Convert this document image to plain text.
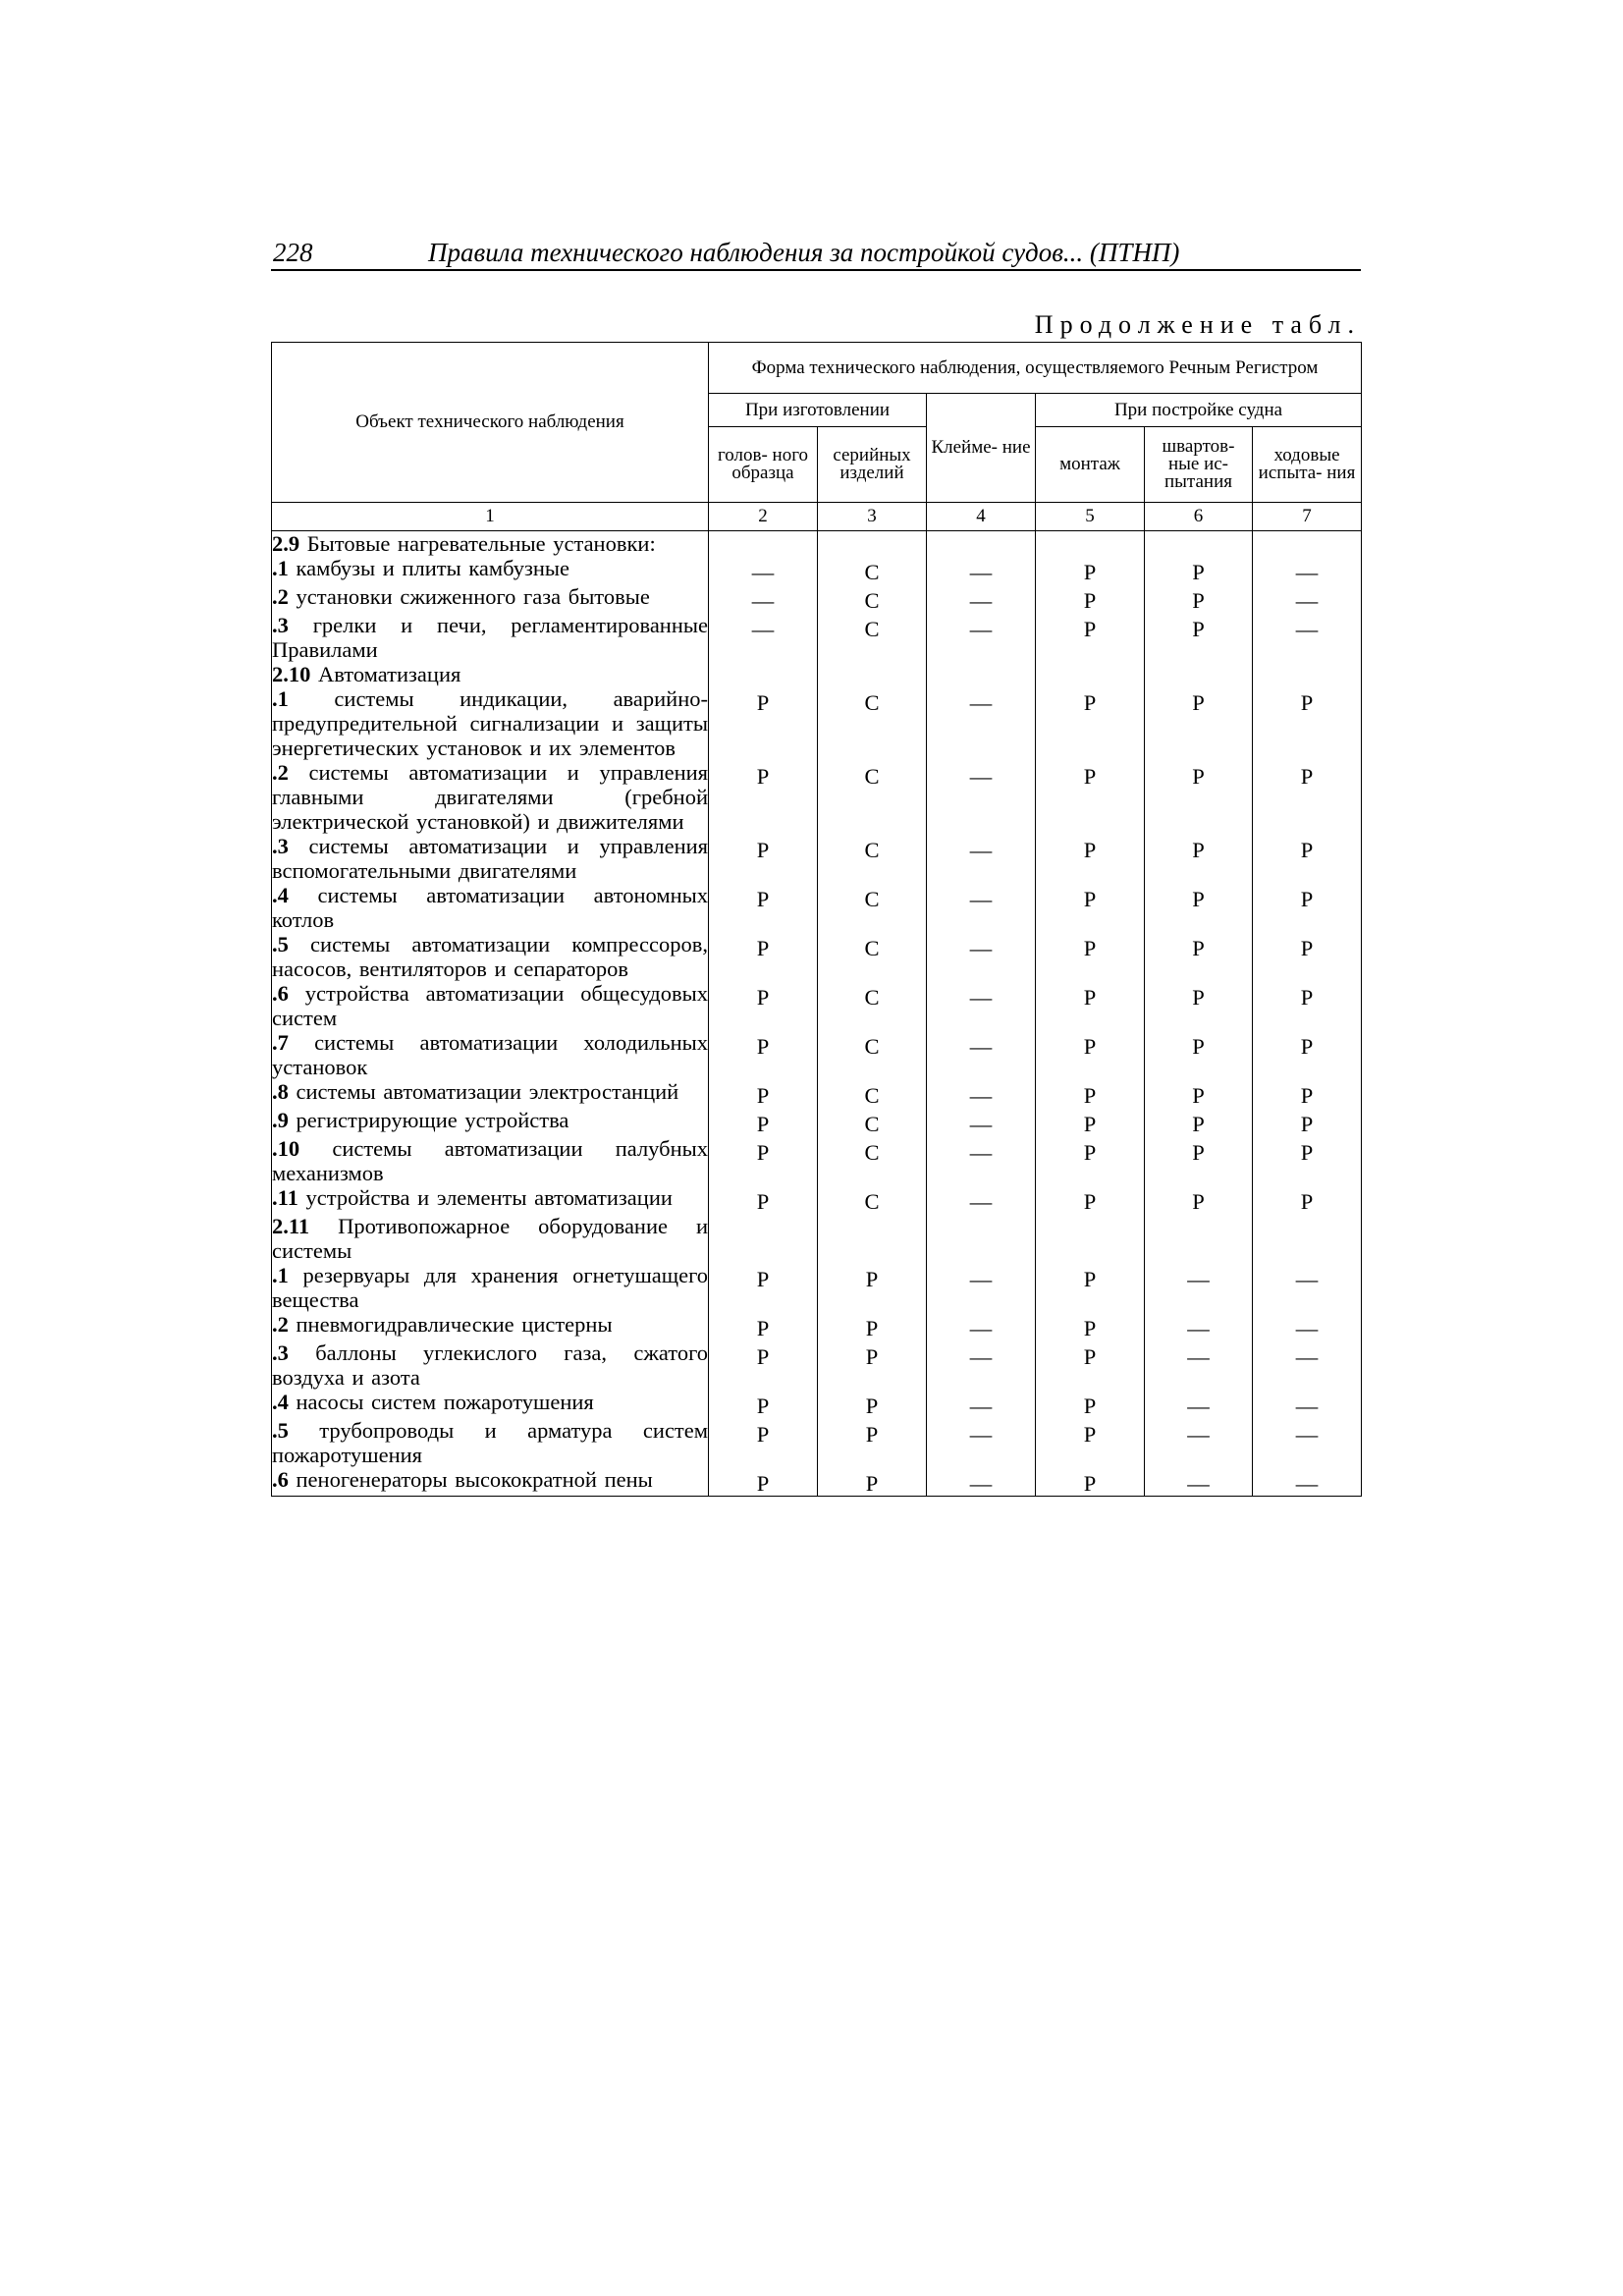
228	Правила технического наблюдения за постройкой судов... (ПТНП)
Продолжение табл.
Объект технического наблюдения	Форма технического наблюдения, осуществляемого Речным Регистром					
	При изготовлении		Клейме- ние	При постройке судна		
	голов- ного образца	серийных изделий		монтаж	швартов- ные ис- пытания	ходовые испыта- ния
1	2	3	4	5	6	7
2.9 Бытовые нагревательные установки:						
.1 камбузы и плиты камбузные	—	С	—	Р	Р	—
.2 установки сжиженного газа бытовые	—	С	—	Р	Р	—
.3 грелки и печи, регламентированные Правилами	—	С	—	Р	Р	—
2.10 Автоматизация						
.1 системы индикации, аварийно-предупредительной сигнализации и защиты энергетических установок и их элементов	Р	С	—	Р	Р	Р
.2 системы автоматизации и управления главными двигателями (гребной электрической установкой) и движителями	Р	С	—	Р	Р	Р
.3 системы автоматизации и управления вспомогательными двигателями	Р	С	—	Р	Р	Р
.4 системы автоматизации автономных котлов	Р	С	—	Р	Р	Р
.5 системы автоматизации компрессоров, насосов, вентиляторов и сепараторов	Р	С	—	Р	Р	Р
.6 устройства автоматизации общесудовых систем	Р	С	—	Р	Р	Р
.7 системы автоматизации холодильных установок	Р	С	—	Р	Р	Р
.8 системы автоматизации электростанций	Р	С	—	Р	Р	Р
.9 регистрирующие устройства	Р	С	—	Р	Р	Р
.10 системы автоматизации палубных механизмов	Р	С	—	Р	Р	Р
.11 устройства и элементы автоматизации	Р	С	—	Р	Р	Р
2.11 Противопожарное оборудование и системы						
.1 резервуары для хранения огнетушащего вещества	Р	Р	—	Р	—	—
.2 пневмогидравлические цистерны	Р	Р	—	Р	—	—
.3 баллоны углекислого газа, сжатого воздуха и азота	Р	Р	—	Р	—	—
.4 насосы систем пожаротушения	Р	Р	—	Р	—	—
.5 трубопроводы и арматура систем пожаротушения	Р	Р	—	Р	—	—
.6 пеногенераторы высокократной пены	Р	Р	—	Р	—	—
